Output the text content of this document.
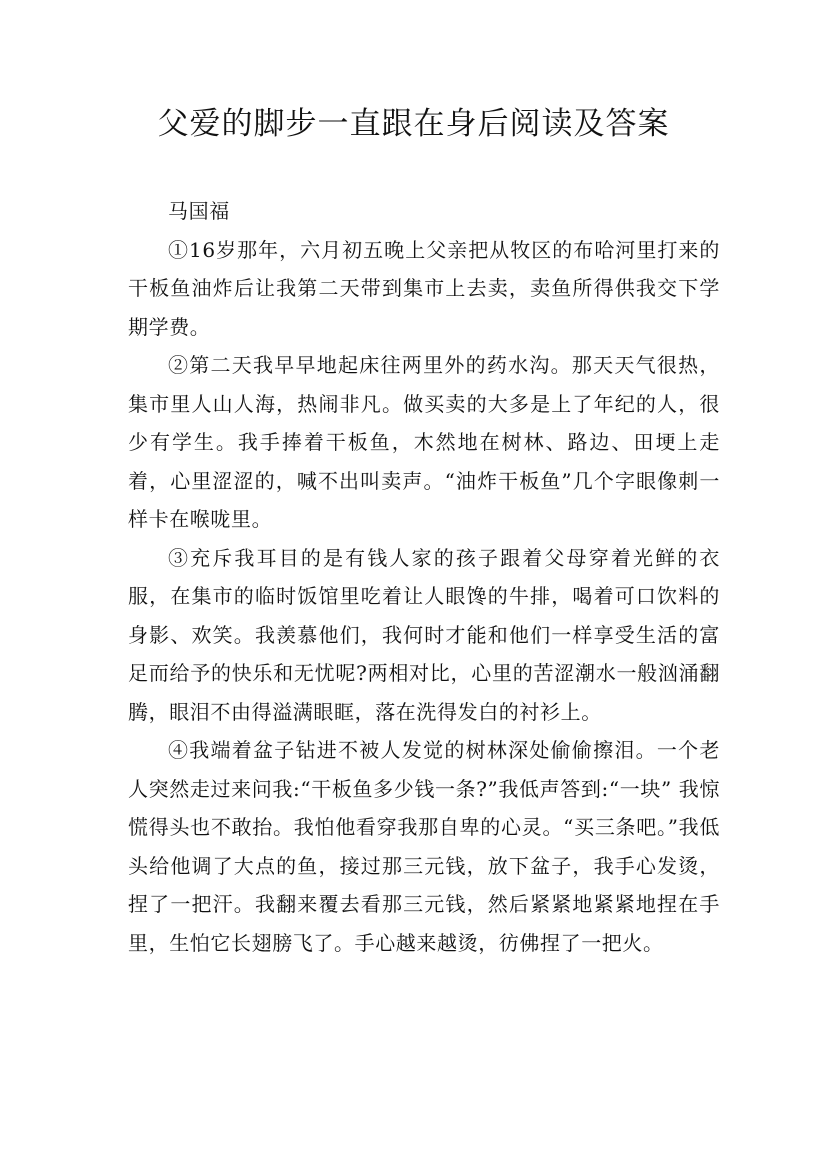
父爱的脚步一直跟在身后阅读及答案

马国福

①16岁那年，六月初五晚上父亲把从牧区的布哈河里打来的干板鱼油炸后让我第二天带到集市上去卖，卖鱼所得供我交下学期学费。

②第二天我早早地起床往两里外的药水沟。那天天气很热，集市里人山人海，热闹非凡。做买卖的大多是上了年纪的人，很少有学生。我手捧着干板鱼，木然地在树林、路边、田埂上走着，心里涩涩的，喊不出叫卖声。“油炸干板鱼”几个字眼像刺一样卡在喉咙里。

③充斥我耳目的是有钱人家的孩子跟着父母穿着光鲜的衣服，在集市的临时饭馆里吃着让人眼馋的牛排，喝着可口饮料的身影、欢笑。我羡慕他们，我何时才能和他们一样享受生活的富足而给予的快乐和无忧呢?两相对比，心里的苦涩潮水一般汹涌翻腾，眼泪不由得溢满眼眶，落在洗得发白的衬衫上。

④我端着盆子钻进不被人发觉的树林深处偷偷擦泪。一个老人突然走过来问我:“干板鱼多少钱一条?”我低声答到:“一块” 我惊慌得头也不敢抬。我怕他看穿我那自卑的心灵。“买三条吧。”我低头给他调了大点的鱼，接过那三元钱，放下盆子，我手心发烫，捏了一把汗。我翻来覆去看那三元钱，然后紧紧地紧紧地捏在手里，生怕它长翅膀飞了。手心越来越烫，彷佛捏了一把火。
